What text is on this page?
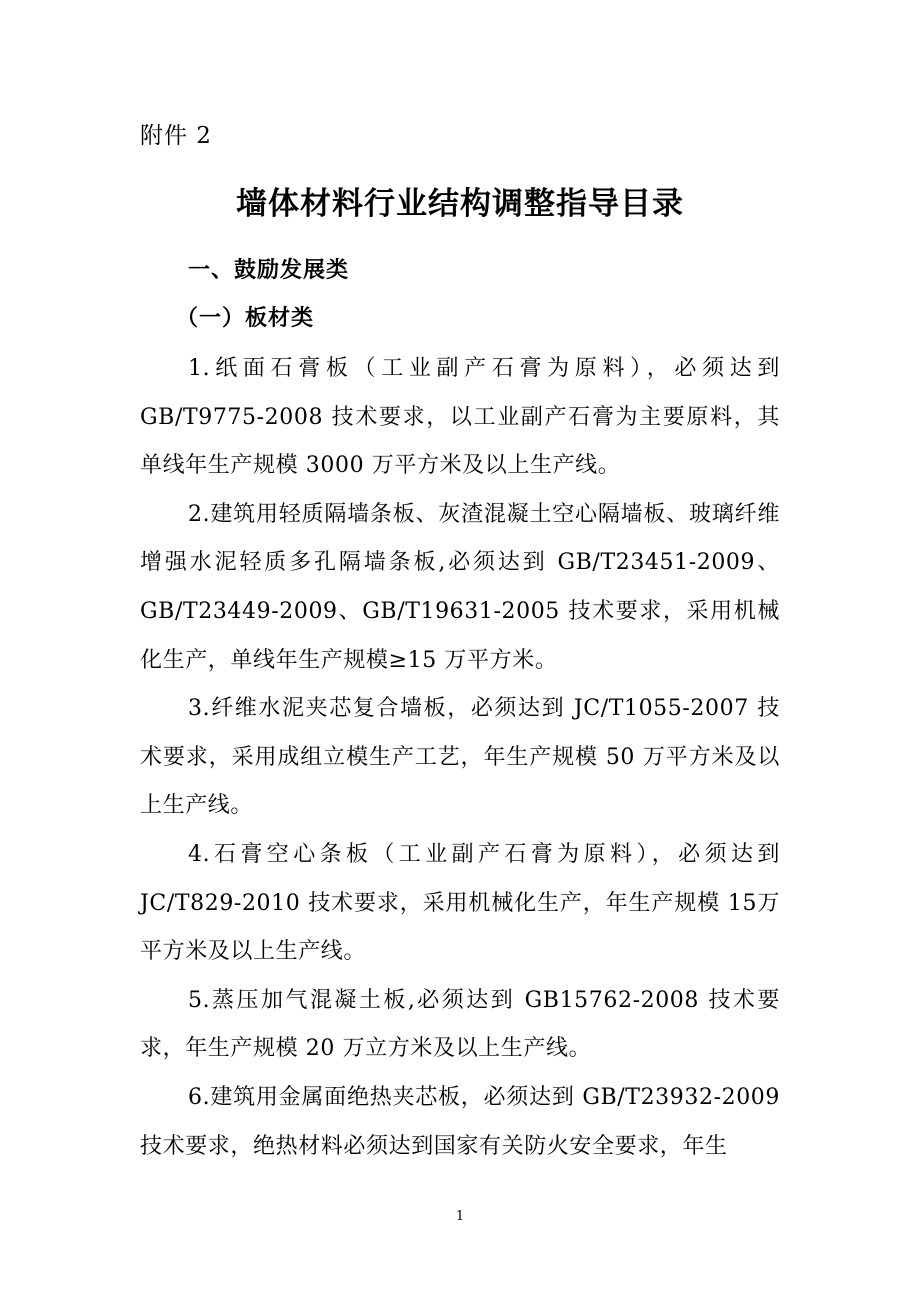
附件 2
墙体材料行业结构调整指导目录
一、鼓励发展类
（一）板材类

1.纸面石膏板（工业副产石膏为原料），必须达到GB/T9775-2008 技术要求，以工业副产石膏为主要原料，其单线年生产规模 3000 万平方米及以上生产线。

2.建筑用轻质隔墙条板、灰渣混凝土空心隔墙板、玻璃纤维增强水泥轻质多孔隔墙条板,必须达到 GB/T23451-2009、GB/T23449-2009、GB/T19631-2005 技术要求，采用机械化生产，单线年生产规模≥15 万平方米。

3.纤维水泥夹芯复合墙板，必须达到 JC/T1055-2007 技术要求，采用成组立模生产工艺，年生产规模 50 万平方米及以上生产线。

4.石膏空心条板（工业副产石膏为原料），必须达到JC/T829-2010 技术要求，采用机械化生产，年生产规模 15万平方米及以上生产线。

5.蒸压加气混凝土板,必须达到 GB15762-2008 技术要求，年生产规模 20 万立方米及以上生产线。

6.建筑用金属面绝热夹芯板，必须达到 GB/T23932-2009技术要求，绝热材料必须达到国家有关防火安全要求，年生

1
